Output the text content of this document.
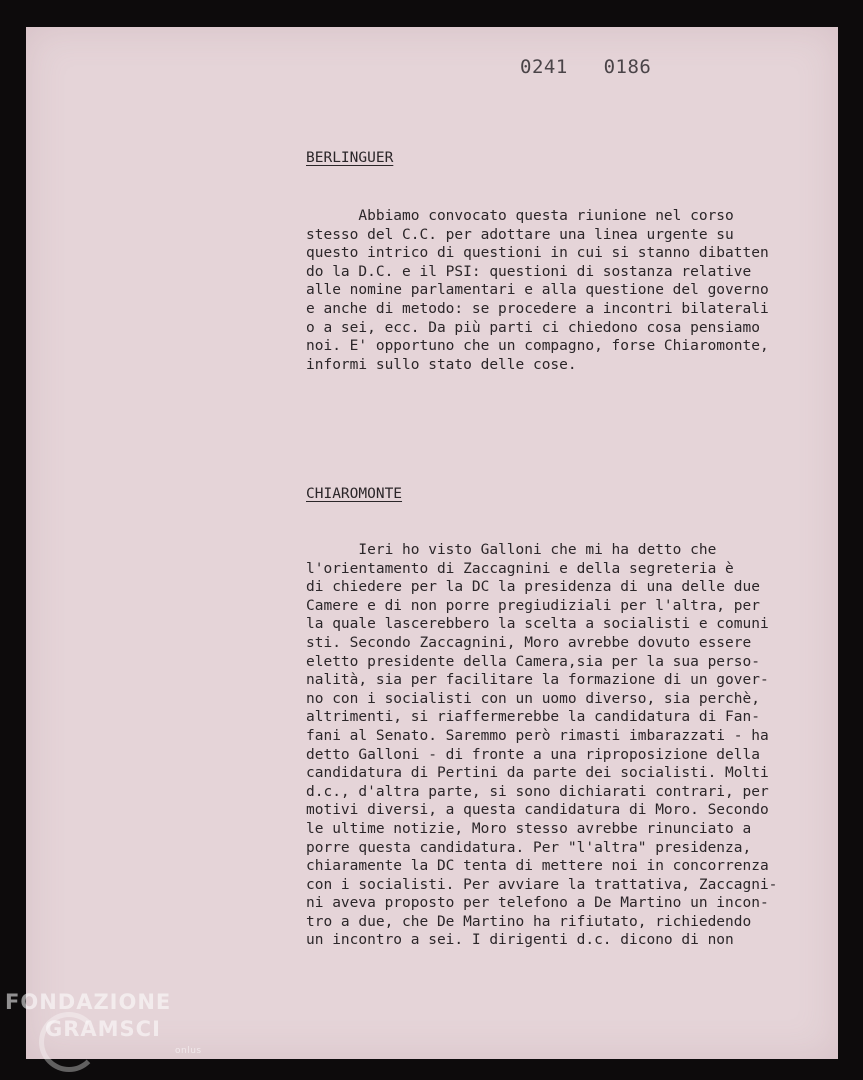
0241   0186
BERLINGUER
Abbiamo convocato questa riunione nel corso
stesso del C.C. per adottare una linea urgente su
questo intrico di questioni in cui si stanno dibatten
do la D.C. e il PSI: questioni di sostanza relative
alle nomine parlamentari e alla questione del governo
e anche di metodo: se procedere a incontri bilaterali
o a sei, ecc. Da più parti ci chiedono cosa pensiamo
noi. E' opportuno che un compagno, forse Chiaromonte,
informi sullo stato delle cose.
CHIAROMONTE
Ieri ho visto Galloni che mi ha detto che
l'orientamento di Zaccagnini e della segreteria è
di chiedere per la DC la presidenza di una delle due
Camere e di non porre pregiudiziali per l'altra, per
la quale lascerebbero la scelta a socialisti e comuni
sti. Secondo Zaccagnini, Moro avrebbe dovuto essere
eletto presidente della Camera,sia per la sua perso-
nalità, sia per facilitare la formazione di un gover-
no con i socialisti con un uomo diverso, sia perchè,
altrimenti, si riaffermerebbe la candidatura di Fan-
fani al Senato. Saremmo però rimasti imbarazzati - ha
detto Galloni - di fronte a una riproposizione della
candidatura di Pertini da parte dei socialisti. Molti
d.c., d'altra parte, si sono dichiarati contrari, per
motivi diversi, a questa candidatura di Moro. Secondo
le ultime notizie, Moro stesso avrebbe rinunciato a
porre questa candidatura. Per "l'altra" presidenza,
chiaramente la DC tenta di mettere noi in concorrenza
con i socialisti. Per avviare la trattativa, Zaccagni-
ni aveva proposto per telefono a De Martino un incon-
tro a due, che De Martino ha rifiutato, richiedendo
un incontro a sei. I dirigenti d.c. dicono di non
FONDAZIONE
GRAMSCI
onlus
